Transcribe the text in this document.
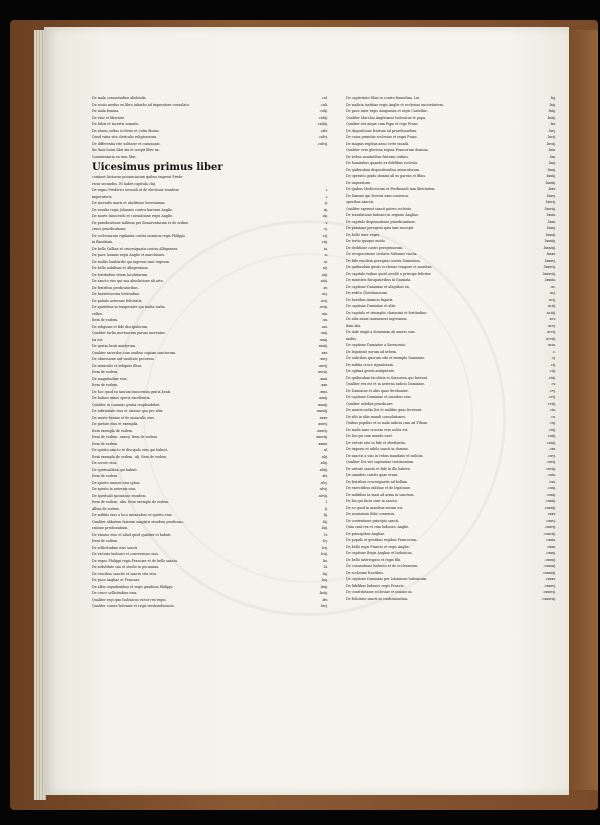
De mala consuetudine abolenda.	.cxl.
De sociis modus ex libro iubarbo ad imperatore consulatu.	.cxli.
De mala femina.	.cxlij.
De vino et libertate.	.cxliij.
De falsis et incertis somniis.	.cxliiij.
De abusu cultus ecclesie et cultu diuino.	.cxlv.
Quod varia vita clericalis religiosorum.	.cxlvj.
De differentia vite solitarie et communis.	.cxlvij.
Sic finis huius libri xix et incipit liber xx.
Commentaria ea rum libri.
Uicesimus primus liber
continet historias prouinciarum quibus imperat Frede-
ricus secundus. Et habet capitula cliij.
De regno Frederici secundi et de electione eiusdem	.i.
imperatoris.	.i.
De incendio maris et abolitione heresiarum.	.ij.
De vesalia regis Johannis contra barones Anglie.	.iij.
De morte Innocentii et coronatione regis Anglie.	.iiij.
De praedicatione militum per Bonaventuram et de ordine.	.v.
cruce praedicatione.	.vj.
De ecclesiarum vigilantia contra inimicos regis Philippi.	.vij.
in flandriam.	.viij.
De bello Galliae et crucesignatis contra Albigenses.	.ix.
De pace Ioannis regis Anglie et marchionis.	.x.
De multis lombardis qui ingressi sunt regnum.	.xi.
De bello nobilium et Albigensium.	.xij.
De fortitudine trium Iacobitarum.	.xiij.
De sancto viro qui sua absolutione ab arte.	.xiiij.
De fratribus predicatoribus.	.xv.
De haereticorum fortitudine.	.xvj.
De pabulo aeternae felicitatis.	.xvij.
De spiritibus in tempestate qui multa turba.	.xviij.
cellae.	.xix.
Item de eodem.	.xx.
De religione et fide discipulorum.	.xxi.
Qualiter turba mortuorum parum moventur.	.xxij.
tia est.	.xxiij.
De gratia beati martyrum.	.xxiiij.
Qualiter sacerdos cum ossibus copiam sanctorum.	.xxv.
De obsessione aut vastitate pecorum.	.xxvj.
De miraculis et reliquiis illius.	.xxvij.
Item de eodem.	.xxviij.
De magnitudine eius.	.xxix.
Item de eodem.	.xxx.
De hoc quod ea tantum innocentia gratia beati.	.xxxi.
De balneo unius operis excellentia.	.xxxij.
Qualiter in conuiuio gratia resplendebat.	.xxxiij.
De infirmitate eius et uisione qua pro aliis.	.xxxiiij.
De morte beatae et de miraculis eius.	.xxxv.
De pietate eius et exemplis.	.xxxvj.
Item exempla de eodem.	.xxxvij.
Item de eodem. .xxxvij. Item de eodem	.xxxviij.
Item de eodem.	.xxxix.
De spiritu sancto et discipulo eius qui habuit.	.xl.
Item exempla de eodem. .xlj. Item de eodem	.xlij.
De sorore eius.	.xliij.
De spiritualibus qui habuit.	.xliiij.
Item de eodem.	.xlv.
De spiritu iuniore eius iphus.	.xlvj.
De spiritu in aeternis eius.	.xlvij.
De spirituali sponsione eiusdem.	.xlviij.
Item de eodem. .xlix. Item exempla de eodem.	.l.
Albus de eodem.	.lj.
De militiis eius a loco miraculoso et spiritu eius.	.lij.
Qualiter abbatem fratrum magistri eiusdem predicans.	.liij.
ratione predicantium.	.liiij.
De visione eius et aliud quod qualiter et habuit.	.lv.
Item de eodem.	.lvj.
De sollicitudine eius sancti.	.lvij.
De victoria ludouici et conversione eius.	.lviij.
De regno Philippi regis Franciae et de bello sancto.	.lix.
De sedulitate sua et studio in pecuniam.	.lx.
De crucibus sanctis et sancta vita eius.	.lxj.
De pace Angliae et Franciae.	.lxij.
De albis cognitionibus et regis gaudium Philippi.	.lxiij.
De cruce sollicitudine eius.	.lxiiij.
Qualiter regi ipso ludouicus victor rex regni.	.lxv.
Qualiter comes boloniae et regis treshandisensis.	.lxvj.
De captivitate illius in contra ferandum. Lxi.	.lxj.
De malicia iustitiae regis Anglie et ecclesiae auctoritatem.	.lxij.
De pace inter regis Aragonum et regis Castellae.	.lxiij.
Qualiter Marchio Anglicanus ludouicus et papa.	.lxiiij.
Qualiter rex atque cum Papa et rege Franc.	.lxv.
De dispositione fratrum ad praedicandum.	.lxvj.
De cuius primitiis ecclesiae et regni Franc.	.lxvij.
De magnis regibus anno certe mundi.	.lxviij.
Qualiter vero gloriosa regina Francorum domina.	.lxix.
De tribus nouitatibus fratrum ordinis.	.lxx.
De hominibus quando ex fidelibus ecclesia.	.lxxj.
De quibusdam dispositionibus miraculorum.	.lxxij.
De operatio gradu domini ab eo parens et filius.	.lxxiij.
De imperatore.	.lxxiiij.
De quibus Mediceorum et Ferdinandi tam libertatem.	.lxxv.
De Simone qui fecerat eam consensu.	.lxxvj.
operibus sanctis.	.lxxvij.
Qualiter egerunt sancti patres ecclesie.	.lxxviij.
De translatione ludouici in regione Angliae.	.lxxix.
De capitulo dispensatione praedicantium.	.lxxx.
De passione peregrini quia tam suscepit.	.lxxxj.
De bello inter reges.	.lxxxij.
De tertio quoque modo.	.lxxxiij.
De deditione castri peregrinorum.	.lxxxiiij.
De recuperatione civitatis Sidoniae vincta.	.lxxxv.
De fide eiusdem peregrini contra Damiatam.	.lxxxvj.
De quibusdam gestis ecclesiae tempore et moribus.	.lxxxvij.
De capitulo turbae quod cecidit a principe feliciter.	.lxxxviij.
De ministris dissipatoribus in Damiata.	.lxxxix.
De captione Damiatae et aliquibus ea.	.xc.
De reditu Christianorum.	.xcj.
De hostibus inimicis fugatis.	.xcij.
De captione Damiatae et aliis.	.xciij.
De capitulo et triumpho clarissimi et fortitudine.	.xciiij.
De aliis annis inuenerunt ingressum.	.xcv.
dam alia.	.xcvj.
De inde exigit a dominium ab amicis suis.	.xcvij.
maliis.	.xcviij.
De captione Damiatae a Sarracenis.	.xcix.
De legatione eorum ad urbem.	.c.
De iudicibus quorum sibi et exemplo Damiatae.	.cj.
De militia cruce signatorum.	.cij.
De optima gentis antiquitate.	.ciij.
De quibusdam Iacobitis et Saracenis qui fuerunt.	.ciiij.
Qualiter rex est et in aeterno iudicio Damiatae.	.cv.
De Damiatae et aliis quae ferebantur.	.cvj.
De captione Damiatae et omnibus eius.	.cvij.
Qualiter uolebat praedicare.	.cviij.
De misericordia Dei et malitiis quas fecerunt.	.cix.
De sibi in aliis mundi consolationes.	.cx.
Quibus populus et in mala iudicia cum ad Filium.	.cxj.
De malis sane crucem vero nobis est.	.cxij.
De his qui cum mundo sunt.	.cxiij.
De virtute uite in fide et obedientia.	.cxiiij.
De imperio et iubilo sancti in domino.	.cxv.
De sanctis a suis in rebus mandatis et iudiciis.	.cxvj.
Qualiter Dei viri sapientiae testimonium.	.cxvij.
De uirtute sancta et fide in illo habere.	.cxviij.
De omnibus castris quae erant.	.cxix.
De fratribus crucesignatis ad bellum.	.cxx.
De exercitibus militiae et de legatione.	.cxxj.
De militibus in mari ad arma in sanctum.	.cxxij.
De his qui facta sunt in sancta.	.cxxiij.
De eo quod in manibus eorum est.	.cxxiiij.
De nouissimis fidei consensu.	.cxxv.
De contentione principis sancti.	.cxxvj.
Quia sunt rex et cum ludouico Anglie.	.cxxvij.
De principibus Angliae.	.cxxviij.
De populo et gentibus regibus Francorum.	.cxxix.
De bello regis Francie et regis Anglie.	.cxxx.
De captione Regis Angliae et ludouicus.	.cxxxj.
De bello interrogato et regis filii.	.cxxxij.
De conuentione ludouici et de ecclesiarum.	.cxxxiij.
De ecclesiae fructibus.	.cxxxiiij.
De captione Damiatae per Iohannem ludouicum.	.cxxxv.
De fidelibus ludouici regis Francie.	.cxxxvj.
De constitutione ecclesiae et uisione in.	.cxxxvij.
De felicitate sancti in confessionibus.	.cxxxviij.
